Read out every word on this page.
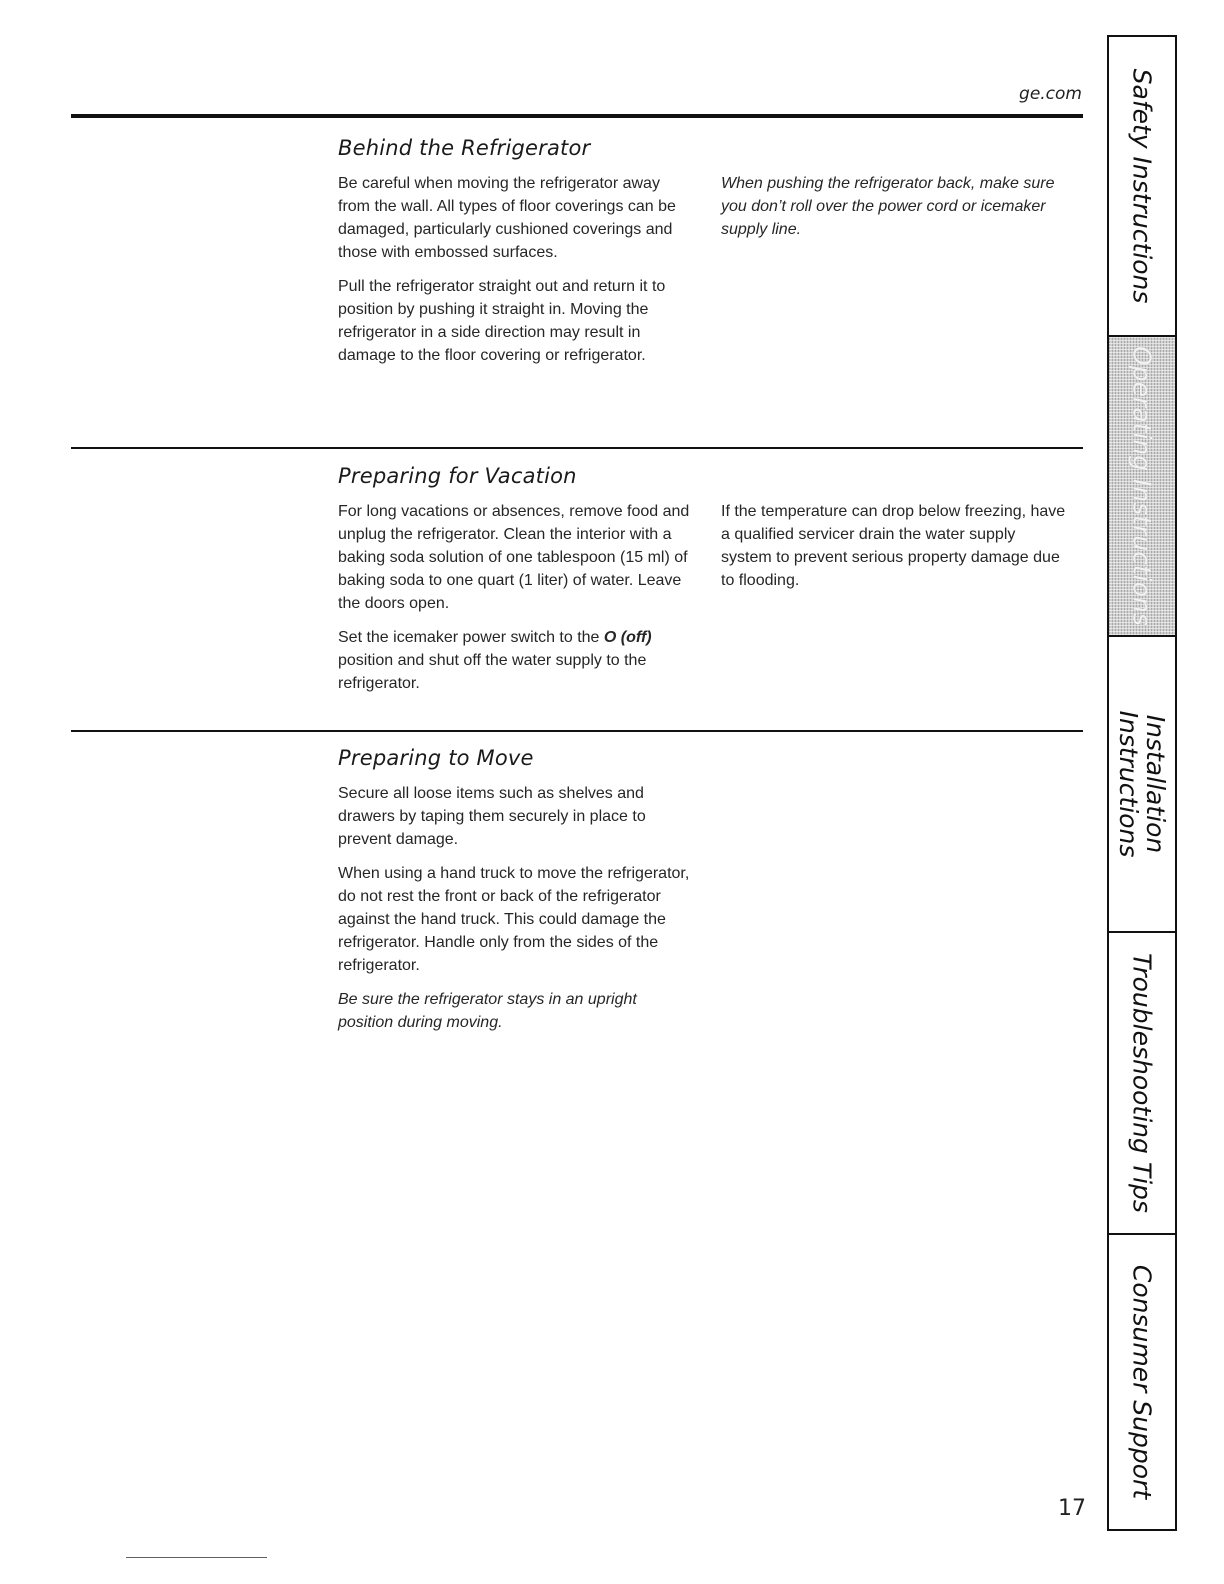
ge.com
Behind the Refrigerator

Be careful when moving the refrigerator away from the wall. All types of floor coverings can be damaged, particularly cushioned coverings and those with embossed surfaces.

Pull the refrigerator straight out and return it to position by pushing it straight in. Moving the refrigerator in a side direction may result in damage to the floor covering or refrigerator.

When pushing the refrigerator back, make sure you don’t roll over the power cord or icemaker supply line.

Preparing for Vacation

For long vacations or absences, remove food and unplug the refrigerator. Clean the interior with a baking soda solution of one tablespoon (15 ml) of baking soda to one quart (1 liter) of water. Leave the doors open.

Set the icemaker power switch to the O (off) position and shut off the water supply to the refrigerator.

If the temperature can drop below freezing, have a qualified servicer drain the water supply system to prevent serious property damage due to flooding.

Preparing to Move

Secure all loose items such as shelves and drawers by taping them securely in place to prevent damage.

When using a hand truck to move the refrigerator, do not rest the front or back of the refrigerator against the hand truck. This could damage the refrigerator. Handle only from the sides of the refrigerator.

Be sure the refrigerator stays in an upright position during moving.

Safety Instructions
Operating Instructions
Installation
Instructions
Troubleshooting Tips
Consumer Support
17
